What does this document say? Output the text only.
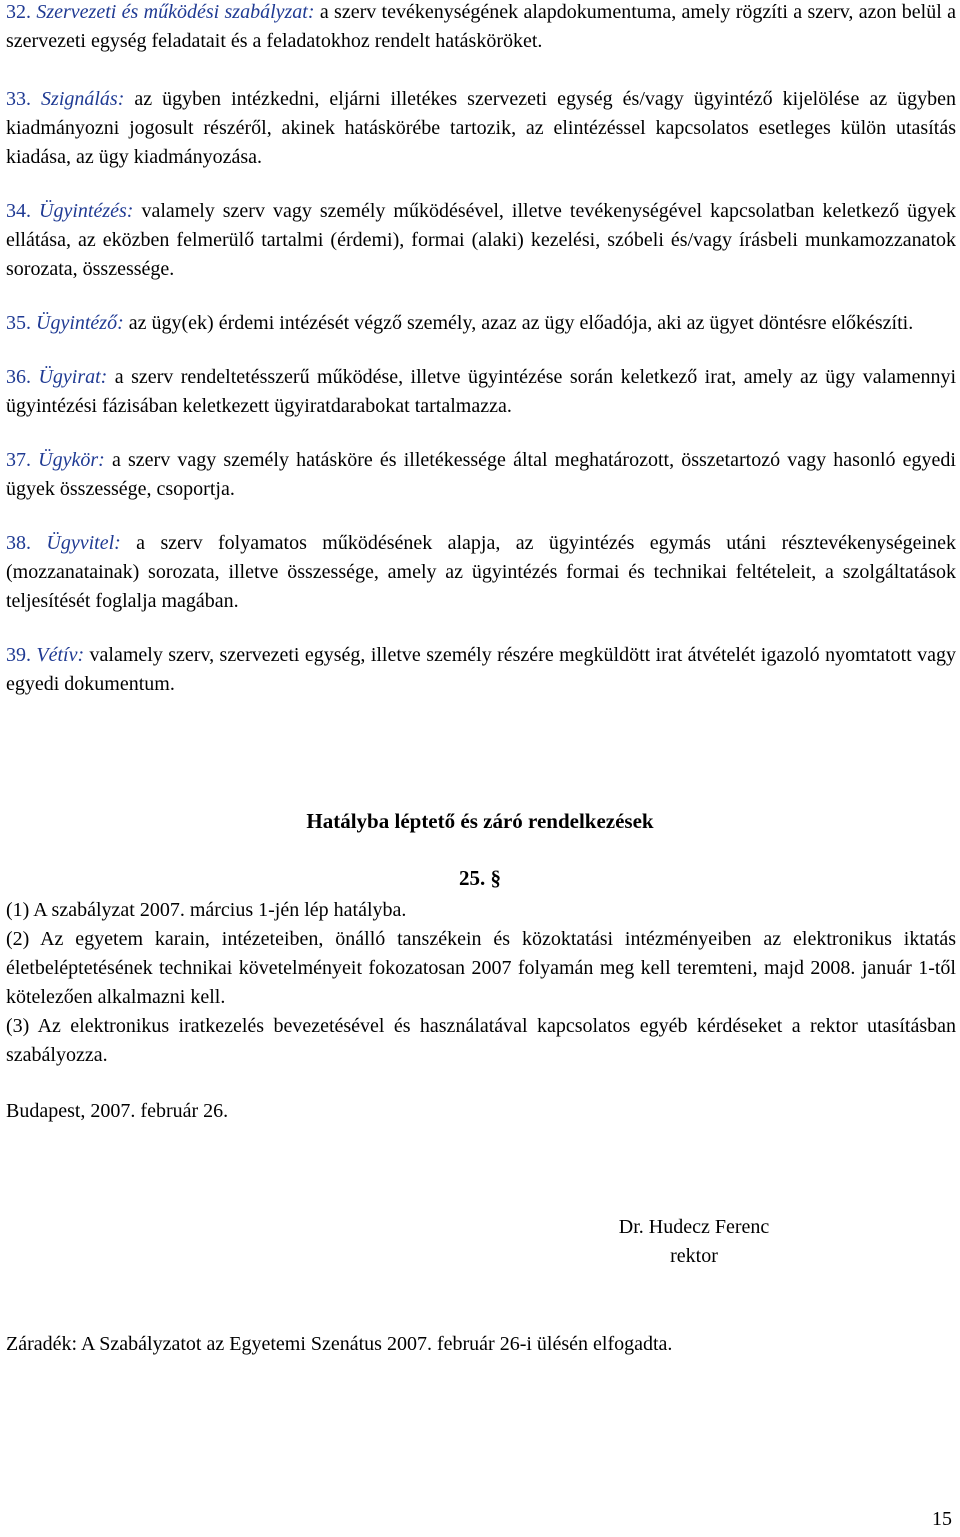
32. Szervezeti és működési szabályzat: a szerv tevékenységének alapdokumentuma, amely rögzíti a szerv, azon belül a szervezeti egység feladatait és a feladatokhoz rendelt hatásköröket.

33. Szignálás: az ügyben intézkedni, eljárni illetékes szervezeti egység és/vagy ügyintéző kijelölése az ügyben kiadmányozni jogosult részéről, akinek hatáskörébe tartozik, az elintézéssel kapcsolatos esetleges külön utasítás kiadása, az ügy kiadmányozása.

34. Ügyintézés: valamely szerv vagy személy működésével, illetve tevékenységével kapcsolatban keletkező ügyek ellátása, az eközben felmerülő tartalmi (érdemi), formai (alaki) kezelési, szóbeli és/vagy írásbeli munkamozzanatok sorozata, összessége.

35. Ügyintéző: az ügy(ek) érdemi intézését végző személy, azaz az ügy előadója, aki az ügyet döntésre előkészíti.

36. Ügyirat: a szerv rendeltetésszerű működése, illetve ügyintézése során keletkező irat, amely az ügy valamennyi ügyintézési fázisában keletkezett ügyiratdarabokat tartalmazza.

37. Ügykör: a szerv vagy személy hatásköre és illetékessége által meghatározott, összetartozó vagy hasonló egyedi ügyek összessége, csoportja.

38. Ügyvitel: a szerv folyamatos működésének alapja, az ügyintézés egymás utáni résztevékenységeinek (mozzanatainak) sorozata, illetve összessége, amely az ügyintézés formai és technikai feltételeit, a szolgáltatások teljesítését foglalja magában.

39. Vétív: valamely szerv, szervezeti egység, illetve személy részére megküldött irat átvételét igazoló nyomtatott vagy egyedi dokumentum.

Hatályba léptető és záró rendelkezések
25. §

(1) A szabályzat 2007. március 1-jén lép hatályba.

(2) Az egyetem karain, intézeteiben, önálló tanszékein és közoktatási intézményeiben az elektronikus iktatás életbeléptetésének technikai követelményeit fokozatosan 2007 folyamán meg kell teremteni, majd 2008. január 1-től kötelezően alkalmazni kell.

(3) Az elektronikus iratkezelés bevezetésével és használatával kapcsolatos egyéb kérdéseket a rektor utasításban szabályozza.

Budapest, 2007. február 26.
Dr. Hudecz Ferenc
rektor
Záradék: A Szabályzatot az Egyetemi Szenátus 2007. február 26-i ülésén elfogadta.
15
